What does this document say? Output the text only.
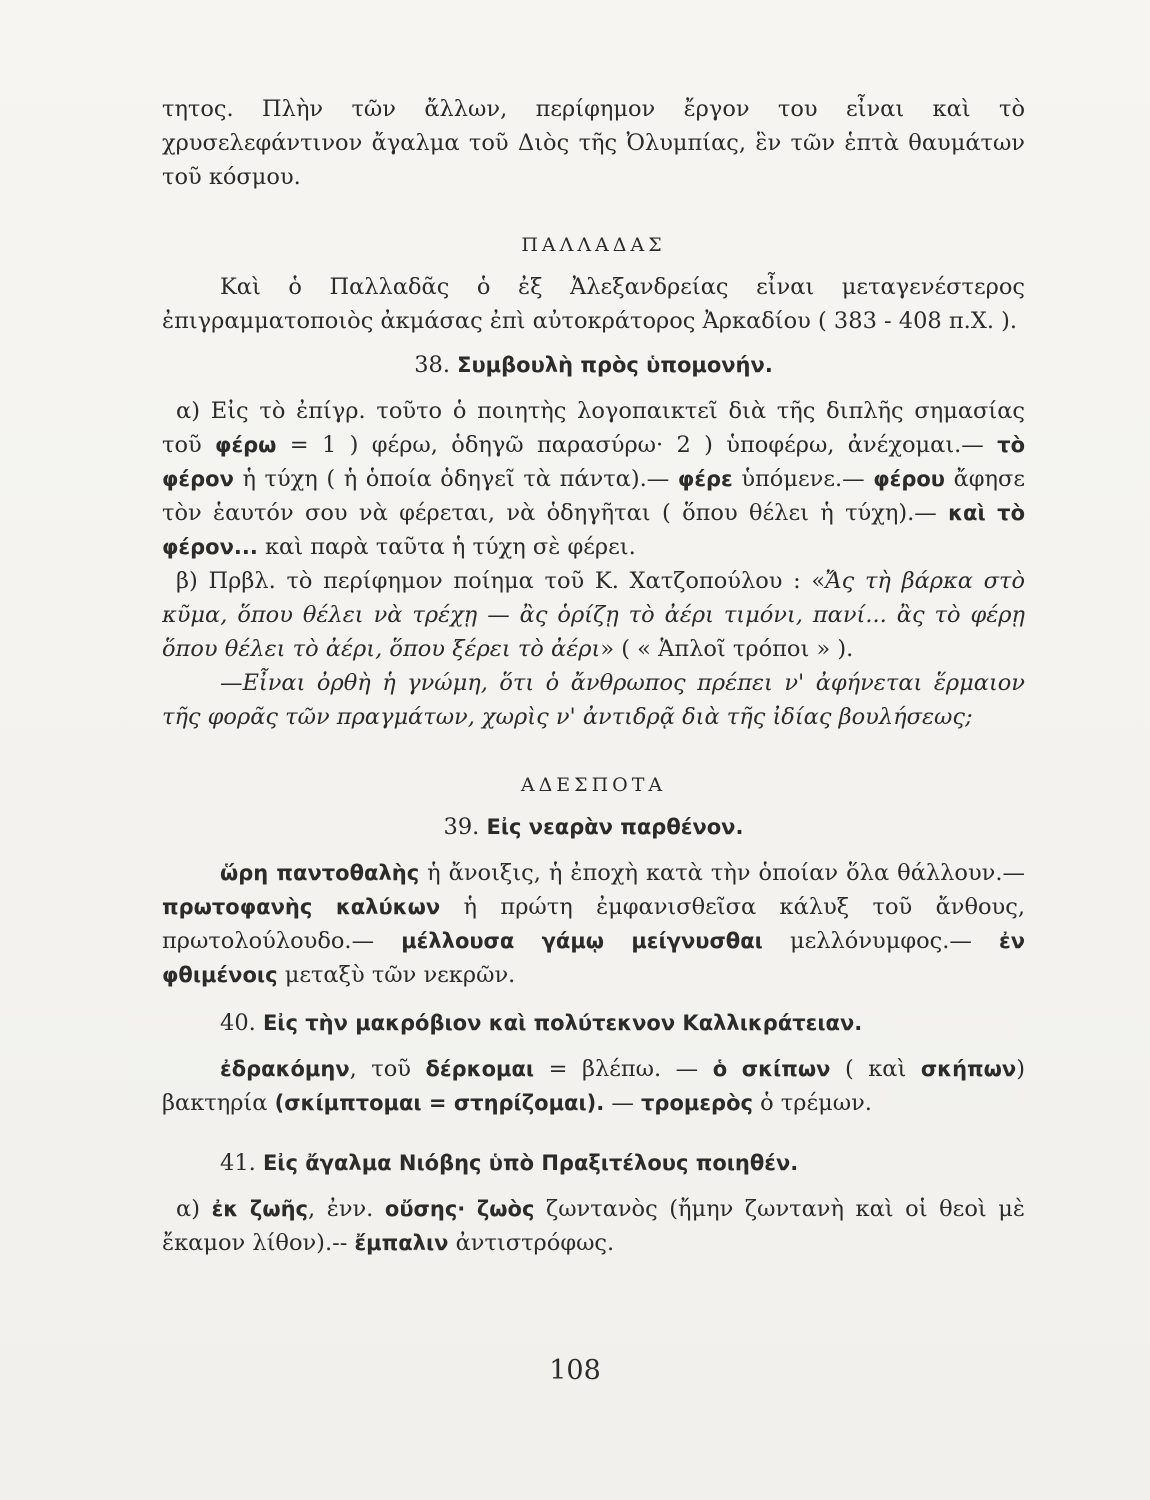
τητος. Πλὴν τῶν ἄλλων, περίφημον ἔργον του εἶναι καὶ τὸ χρυσελεφάντινον ἄγαλμα τοῦ Διὸς τῆς Ὀλυμπίας, ἓν τῶν ἑπτὰ θαυμάτων τοῦ κόσμου.
ΠΑΛΛΑΔΑΣ
Καὶ ὁ Παλλαδᾶς ὁ ἐξ Ἀλεξανδρείας εἶναι μεταγενέστερος ἐπιγραμματοποιὸς ἀκμάσας ἐπὶ αὐτοκράτορος Ἀρκαδίου ( 383 - 408 π.Χ. ).
38. Συμβουλὴ πρὸς ὑπομονήν.
α) Εἰς τὸ ἐπίγρ. τοῦτο ὁ ποιητὴς λογοπαικτεῖ διὰ τῆς διπλῆς σημασίας τοῦ φέρω = 1 ) φέρω, ὁδηγῶ παρασύρω· 2 ) ὑποφέρω, ἀνέχομαι.— τὸ φέρον ἡ τύχη ( ἡ ὁποία ὁδηγεῖ τὰ πάντα).— φέρε ὑπόμενε.— φέρου ἄφησε τὸν ἑαυτόν σου νὰ φέρεται, νὰ ὁδηγῆται ( ὅπου θέλει ἡ τύχη).— καὶ τὸ φέρον... καὶ παρὰ ταῦτα ἡ τύχη σὲ φέρει.
β) Πρβλ. τὸ περίφημον ποίημα τοῦ Κ. Χατζοπούλου : «Ἄς τὴ βάρκα στὸ κῦμα, ὅπου θέλει νὰ τρέχῃ — ἂς ὁρίζῃ τὸ ἀέρι τιμόνι, πανί... ἂς τὸ φέρῃ ὅπου θέλει τὸ ἀέρι, ὅπου ξέρει τὸ ἀέρι» ( « Ἁπλοῖ τρόποι » ).
—Εἶναι ὀρθὴ ἡ γνώμη, ὅτι ὁ ἄνθρωπος πρέπει ν' ἀφήνεται ἕρμαιον τῆς φορᾶς τῶν πραγμάτων, χωρὶς ν' ἀντιδρᾷ διὰ τῆς ἰδίας βουλήσεως;
ΑΔΕΣΠΟΤΑ
39. Εἰς νεαρὰν παρθένον.
ὥρη παντοθαλὴς ἡ ἄνοιξις, ἡ ἐποχὴ κατὰ τὴν ὁποίαν ὅλα θάλλουν.— πρωτοφανὴς καλύκων ἡ πρώτη ἐμφανισθεῖσα κάλυξ τοῦ ἄνθους, πρωτολούλουδο.— μέλλουσα γάμῳ μείγνυσθαι μελλόνυμφος.— ἐν φθιμένοις μεταξὺ τῶν νεκρῶν.
40. Εἰς τὴν μακρόβιον καὶ πολύτεκνον Καλλικράτειαν.
ἐδρακόμην, τοῦ δέρκομαι = βλέπω. — ὁ σκίπων ( καὶ σκήπων) βακτηρία (σκίμπτομαι = στηρίζομαι). — τρομερὸς ὁ τρέμων.
41. Εἰς ἄγαλμα Νιόβης ὑπὸ Πραξιτέλους ποιηθέν.
α) ἐκ ζωῆς, ἐνν. οὔσης· ζωὸς ζωντανὸς (ἤμην ζωντανὴ καὶ οἱ θεοὶ μὲ ἔκαμον λίθον).-- ἔμπαλιν ἀντιστρόφως.
108
